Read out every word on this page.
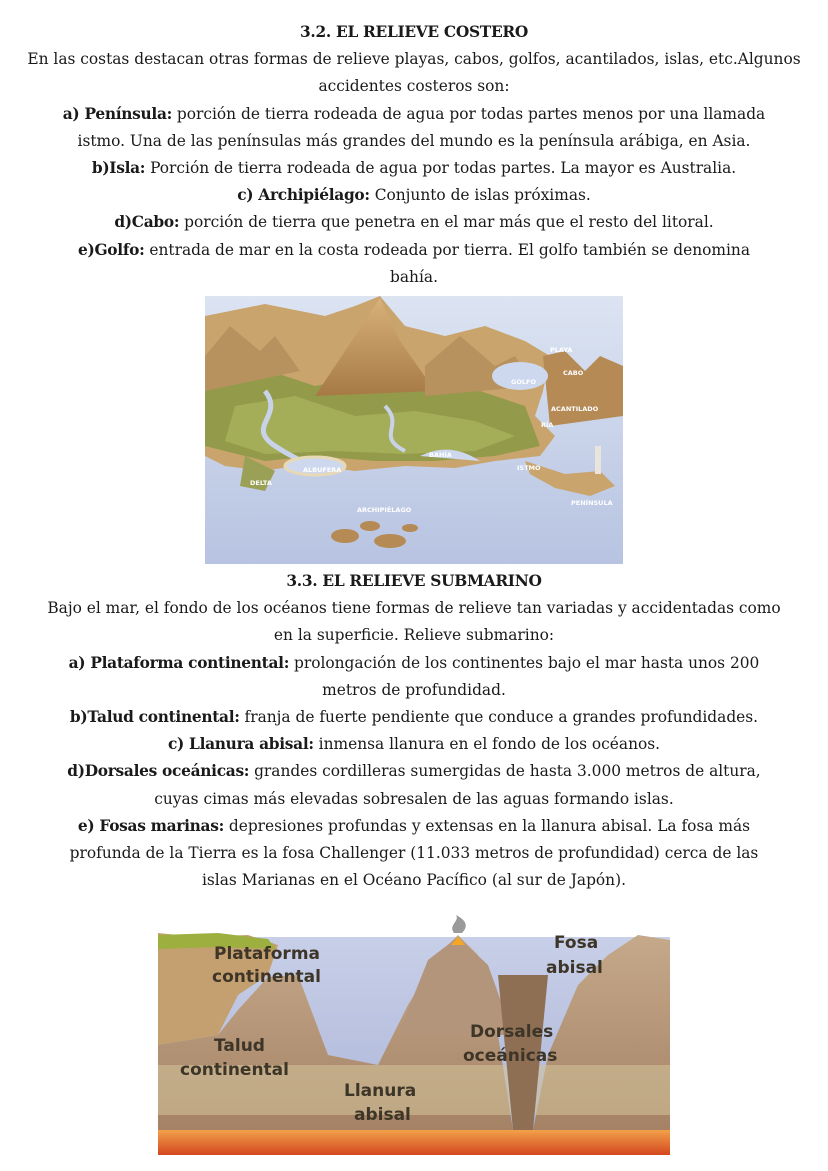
3.2. EL RELIEVE COSTERO

En las costas destacan otras formas de relieve playas, cabos, golfos, acantilados, islas, etc.Algunos

accidentes costeros son:

a) Península: porción de tierra rodeada de agua por todas partes menos por una llamada

istmo. Una de las penínsulas más grandes del mundo es la península arábiga, en Asia.

b)Isla: Porción de tierra rodeada de agua por todas partes. La mayor es Australia.

c) Archipiélago: Conjunto de islas próximas.

d)Cabo: porción de tierra que penetra en el mar más que el resto del litoral.

e)Golfo: entrada de mar en la costa rodeada por tierra. El golfo también se denomina

bahía.

PLAYA
CABO
GOLFO
ACANTILADO
RÍA
BAHÍA
ISTMO
ALBUFERA
DELTA
PENÍNSULA
ARCHIPIÉLAGO

3.3. EL RELIEVE SUBMARINO

Bajo el mar, el fondo de los océanos tiene formas de relieve tan variadas y accidentadas como

en la superficie. Relieve submarino:

a) Plataforma continental: prolongación de los continentes bajo el mar hasta unos 200

metros de profundidad.

b)Talud continental: franja de fuerte pendiente que conduce a grandes profundidades.

c) Llanura abisal: inmensa llanura en el fondo de los océanos.

d)Dorsales oceánicas: grandes cordilleras sumergidas de hasta 3.000 metros de altura,

cuyas cimas más elevadas sobresalen de las aguas formando islas.

e) Fosas marinas: depresiones profundas y extensas en la llanura abisal. La fosa más

profunda de la Tierra es la fosa Challenger (11.033 metros de profundidad) cerca de las

islas Marianas en el Océano Pacífico (al sur de Japón).

Plataforma
continental
Fosa
abisal
Talud
continental
Dorsales
oceánicas
Llanura
abisal
